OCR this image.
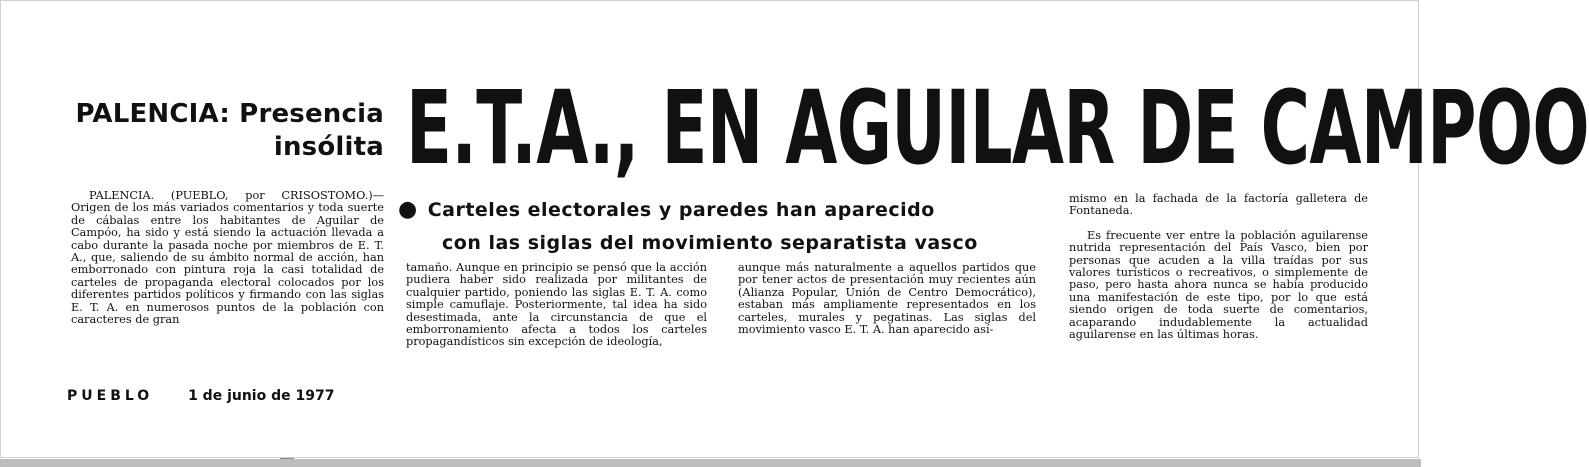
PALENCIA: Presencia
insólita E.T.A., EN AGUILAR DE CAMPOO

PALENCIA. (PUEBLO, por CRISOSTOMO.)—Origen de los más variados comentarios y toda suerte de cábalas entre los habitantes de Aguilar de Campóo, ha sido y está siendo la actuación llevada a cabo durante la pasada noche por miembros de E. T. A., que, saliendo de su ámbito normal de acción, han emborronado con pintura roja la casi totalidad de carteles de propaganda electoral colocados por los diferentes partidos políticos y firmando con las siglas E. T. A. en numerosos puntos de la población con caracteres de gran

● Carteles electorales y paredes han aparecido
con las siglas del movimiento separatista vasco

tamaño. Aunque en principio se pensó que la acción pudiera haber sido realizada por militantes de cualquier partido, poniendo las siglas E. T. A. como simple camuflaje. Posteriormente, tal idea ha sido desestimada, ante la circunstancia de que el emborronamiento afecta a todos los carteles propagandísticos sin excepción de ideología,

aunque más naturalmente a aquellos partidos que por tener actos de presentación muy recientes aún (Alianza Popular, Unión de Centro Democrático), estaban más ampliamente representados en los carteles, murales y pegatinas. Las siglas del movimiento vasco E. T. A. han aparecido así-

mismo en la fachada de la factoría galletera de Fontaneda.

Es frecuente ver entre la población aguilarense nutrida representación del País Vasco, bien por personas que acuden a la villa traídas por sus valores turísticos o recreativos, o simplemente de paso, pero hasta ahora nunca se había producido una manifestación de este tipo, por lo que está siendo origen de toda suerte de comentarios, acaparando indudablemente la actualidad aguilarense en las últimas horas.

PUEBLO 1 de junio de 1977
